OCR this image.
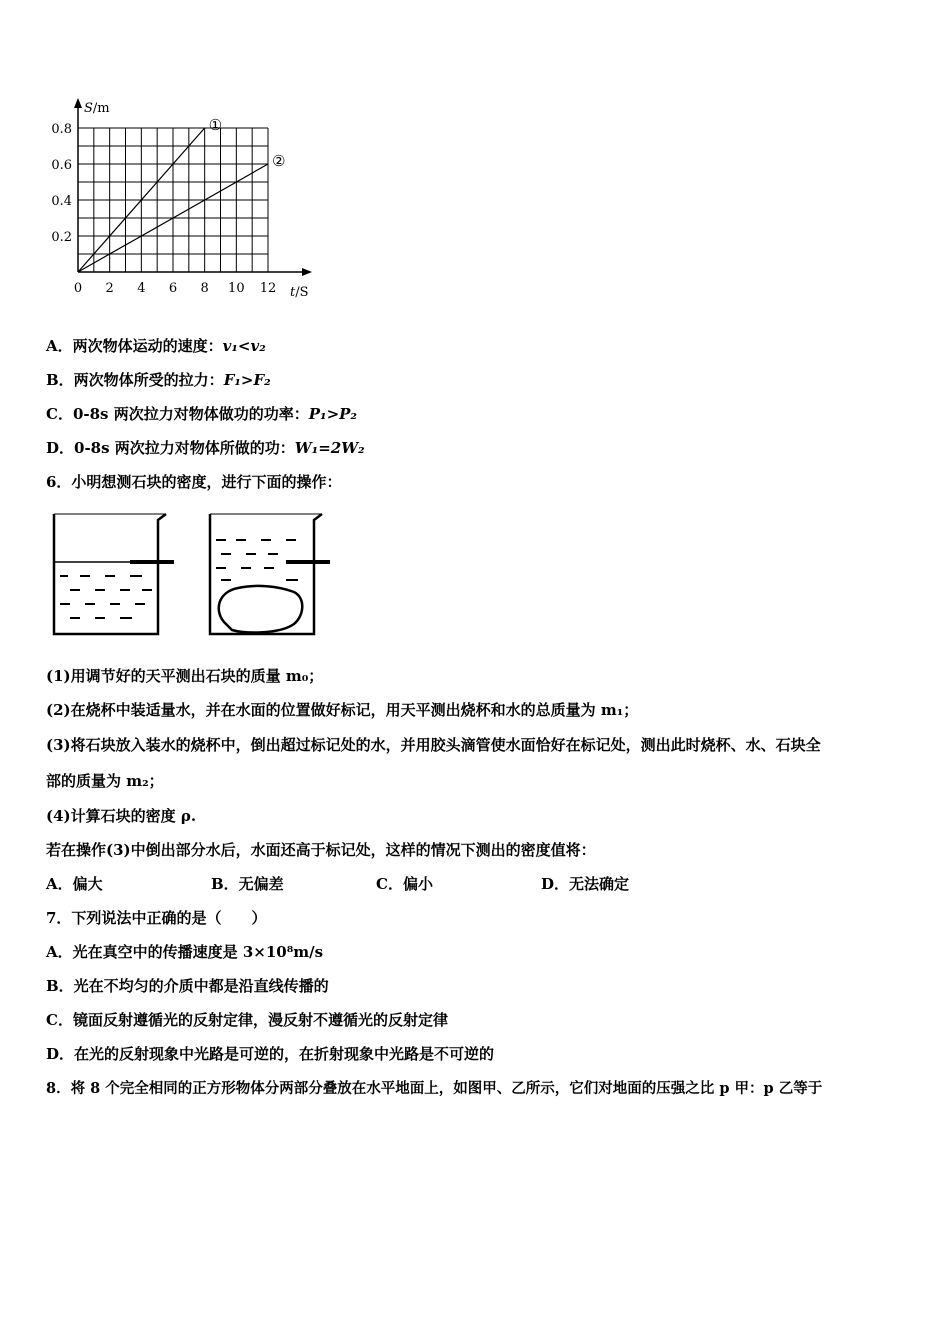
①
②
0 2 4 6 8 10 12
0.2
0.4
0.6
0.8
S/m
t/S
A．两次物体运动的速度：v₁<v₂
B．两次物体所受的拉力：F₁>F₂
C．0-8s 两次拉力对物体做功的功率：P₁>P₂
D．0-8s 两次拉力对物体所做的功：W₁=2W₂
6．小明想测石块的密度，进行下面的操作：
(1)用调节好的天平测出石块的质量 m₀；
(2)在烧杯中装适量水，并在水面的位置做好标记，用天平测出烧杯和水的总质量为 m₁；
(3)将石块放入装水的烧杯中，倒出超过标记处的水，并用胶头滴管使水面恰好在标记处，测出此时烧杯、水、石块全
部的质量为 m₂；
(4)计算石块的密度 ρ.
若在操作(3)中倒出部分水后，水面还高于标记处，这样的情况下测出的密度值将：
A．偏大	B．无偏差	C．偏小	D．无法确定
7．下列说法中正确的是（　　）
A．光在真空中的传播速度是 3×10⁸m/s
B．光在不均匀的介质中都是沿直线传播的
C．镜面反射遵循光的反射定律，漫反射不遵循光的反射定律
D．在光的反射现象中光路是可逆的，在折射现象中光路是不可逆的
8．将 8 个完全相同的正方形物体分两部分叠放在水平地面上，如图甲、乙所示，它们对地面的压强之比 p 甲：p 乙等于
